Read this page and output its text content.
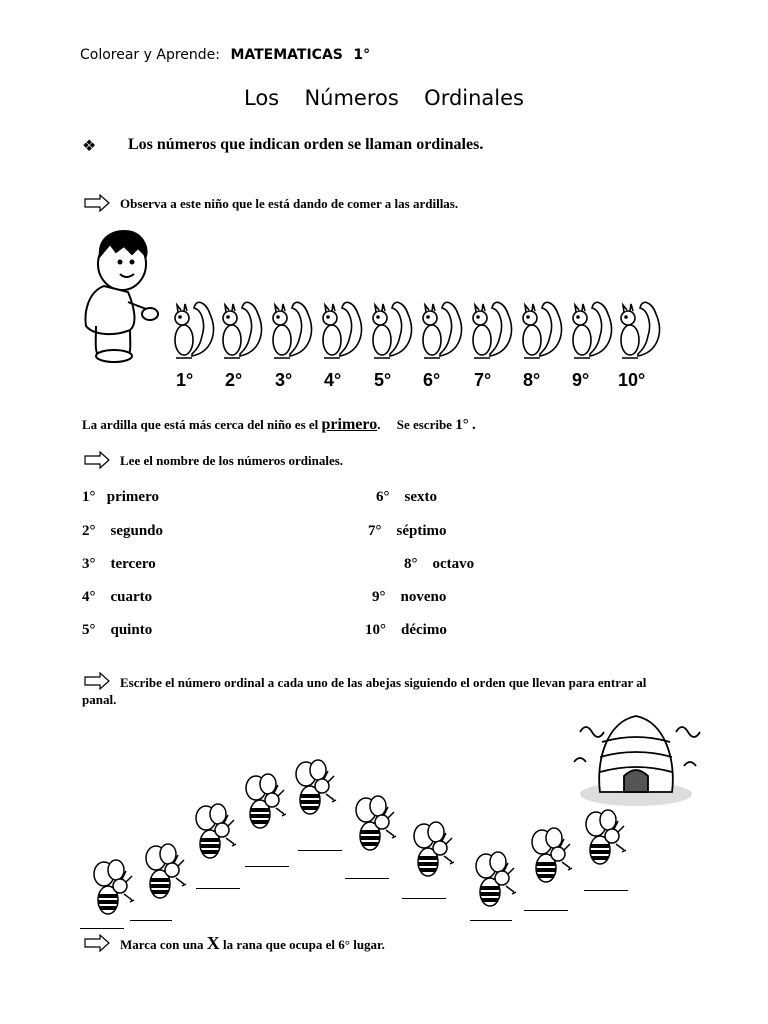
Colorear y Aprende: MATEMATICAS 1°
Los  Números  Ordinales
❖ Los números que indican orden se llaman ordinales.
Observa a este niño que le está dando de comer a las ardillas.
1° 2° 3° 4° 5° 6° 7° 8° 9° 10°
La ardilla que está más cerca del niño es el primero. Se escribe 1° .
Lee el nombre de los números ordinales.
1° primero
2° segundo
3° tercero
4° cuarto
5° quinto
6° sexto
7° séptimo
8° octavo
9° noveno
10° décimo
Escribe el número ordinal a cada uno de las abejas siguiendo el orden que llevan para entrar al
panal.
Marca con una X la rana que ocupa el 6° lugar.
